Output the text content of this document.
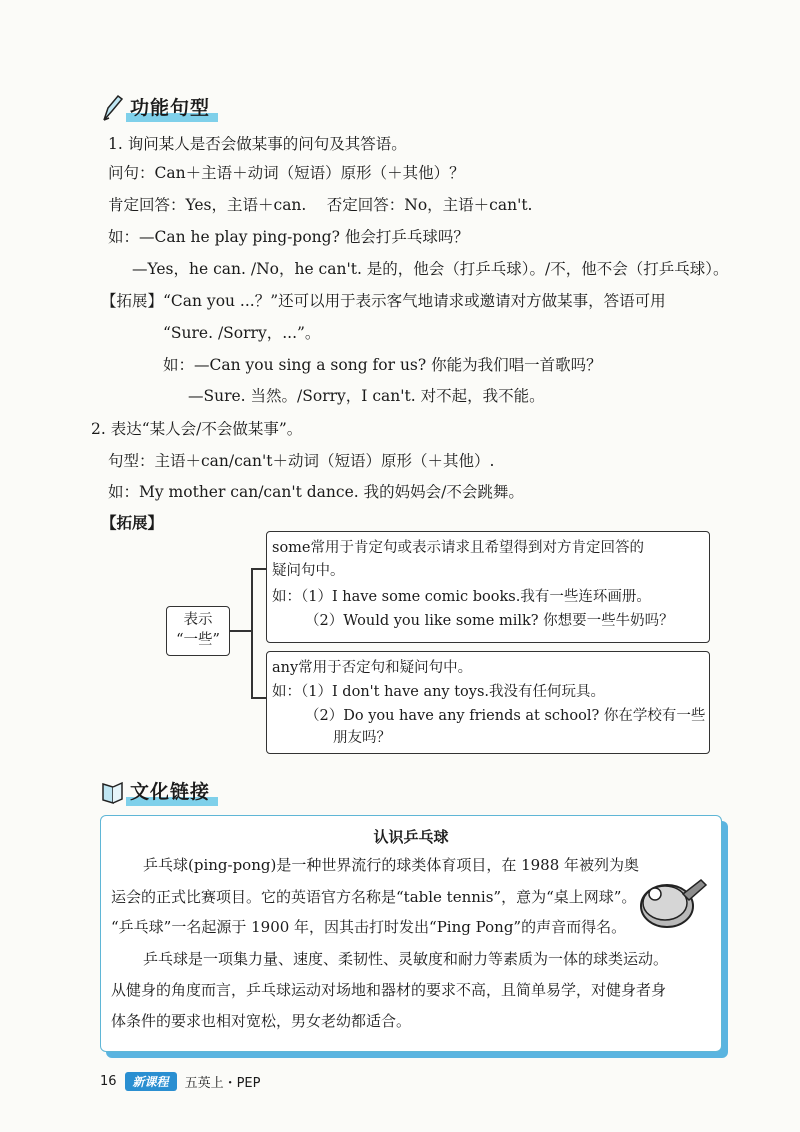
功能句型
1. 询问某人是否会做某事的问句及其答语。
问句：Can＋主语＋动词（短语）原形（＋其他）？
肯定回答：Yes，主语＋can.　 否定回答：No，主语＋can't.
如：—Can he play ping-pong? 他会打乒乓球吗？
—Yes，he can. /No，he can't. 是的，他会（打乒乓球）。/不，他不会（打乒乓球）。
【拓展】“Can you ...？”还可以用于表示客气地请求或邀请对方做某事，答语可用
“Sure. /Sorry，...”。
如：—Can you sing a song for us? 你能为我们唱一首歌吗？
—Sure. 当然。/Sorry，I can't. 对不起，我不能。
2. 表达“某人会/不会做某事”。
句型：主语＋can/can't＋动词（短语）原形（＋其他）.
如：My mother can/can't dance. 我的妈妈会/不会跳舞。
【拓展】
表示
“一些”
some常用于肯定句或表示请求且希望得到对方肯定回答的
疑问句中。
如：（1）I have some comic books.我有一些连环画册。
（2）Would you like some milk? 你想要一些牛奶吗？
any常用于否定句和疑问句中。
如：（1）I don't have any toys.我没有任何玩具。
（2）Do you have any friends at school? 你在学校有一些
朋友吗？
文化链接
认识乒乓球
乒乓球(ping-pong)是一种世界流行的球类体育项目，在 1988 年被列为奥
运会的正式比赛项目。它的英语官方名称是“table tennis”，意为“桌上网球”。
“乒乓球”一名起源于 1900 年，因其击打时发出“Ping Pong”的声音而得名。
乒乓球是一项集力量、速度、柔韧性、灵敏度和耐力等素质为一体的球类运动。
从健身的角度而言，乒乓球运动对场地和器材的要求不高，且简单易学，对健身者身
体条件的要求也相对宽松，男女老幼都适合。
16	新课程	五英上・PEP
